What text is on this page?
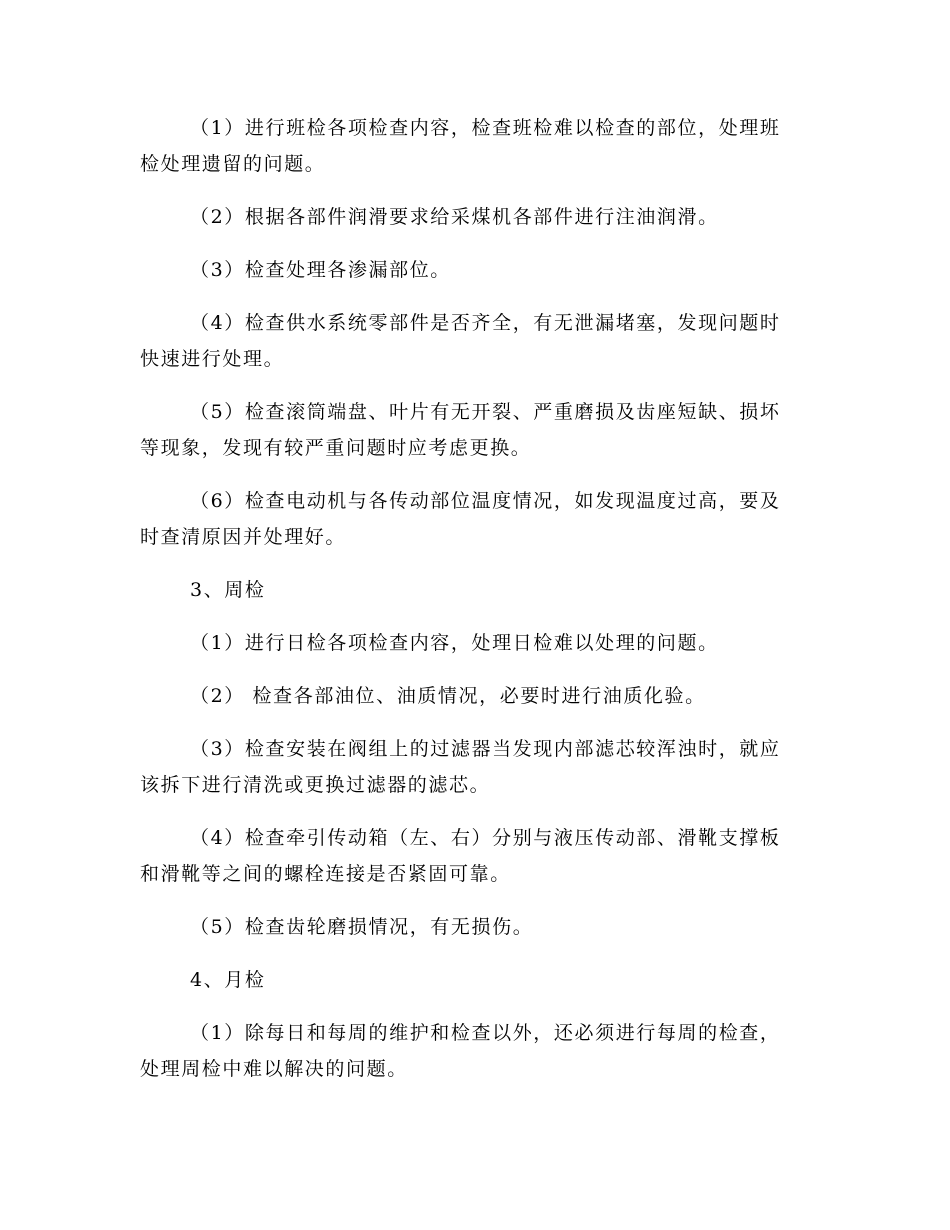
（1）进行班检各项检查内容，检查班检难以检查的部位，处理班检处理遗留的问题。

（2）根据各部件润滑要求给采煤机各部件进行注油润滑。

（3）检查处理各渗漏部位。

（4）检查供水系统零部件是否齐全，有无泄漏堵塞，发现问题时快速进行处理。

（5）检查滚筒端盘、叶片有无开裂、严重磨损及齿座短缺、损坏等现象，发现有较严重问题时应考虑更换。

（6）检查电动机与各传动部位温度情况，如发现温度过高，要及时查清原因并处理好。

3、周检

（1）进行日检各项检查内容，处理日检难以处理的问题。

（2） 检查各部油位、油质情况，必要时进行油质化验。

（3）检查安装在阀组上的过滤器当发现内部滤芯较浑浊时，就应该拆下进行清洗或更换过滤器的滤芯。

（4）检查牵引传动箱（左、右）分别与液压传动部、滑靴支撑板和滑靴等之间的螺栓连接是否紧固可靠。

（5）检查齿轮磨损情况，有无损伤。

4、月检

（1）除每日和每周的维护和检查以外，还必须进行每周的检查，处理周检中难以解决的问题。
